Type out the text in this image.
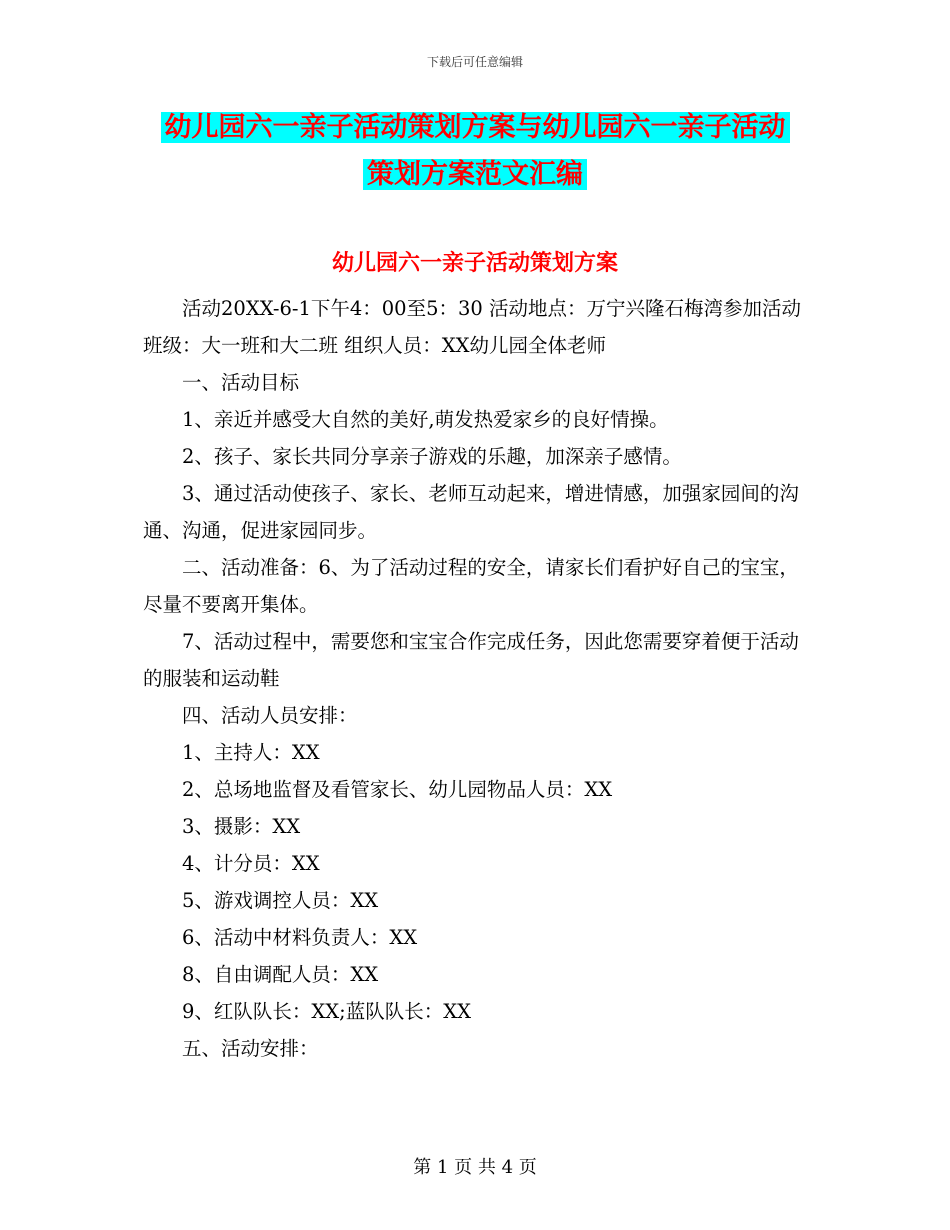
下载后可任意编辑
幼儿园六一亲子活动策划方案与幼儿园六一亲子活动
策划方案范文汇编
幼儿园六一亲子活动策划方案

活动20XX-6-1下午4：00至5：30 活动地点：万宁兴隆石梅湾参加活动班级：大一班和大二班 组织人员：XX幼儿园全体老师

一、活动目标

1、亲近并感受大自然的美好,萌发热爱家乡的良好情操。

2、孩子、家长共同分享亲子游戏的乐趣，加深亲子感情。

3、通过活动使孩子、家长、老师互动起来，增进情感，加强家园间的沟通、沟通，促进家园同步。

二、活动准备：6、为了活动过程的安全，请家长们看护好自己的宝宝，尽量不要离开集体。

7、活动过程中，需要您和宝宝合作完成任务，因此您需要穿着便于活动的服装和运动鞋

四、活动人员安排：

1、主持人：XX

2、总场地监督及看管家长、幼儿园物品人员：XX

3、摄影：XX

4、计分员：XX

5、游戏调控人员：XX

6、活动中材料负责人：XX

8、自由调配人员：XX

9、红队队长：XX;蓝队队长：XX

五、活动安排：

第 1 页 共 4 页
